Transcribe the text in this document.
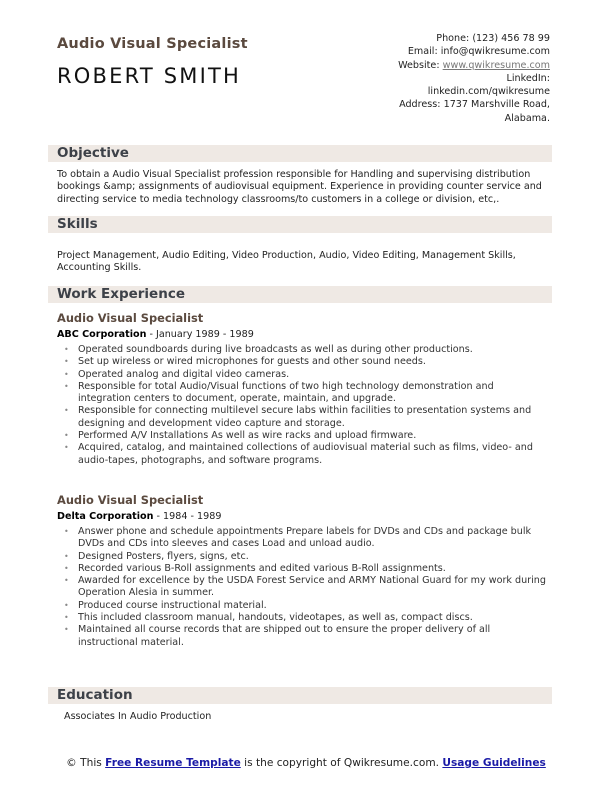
Audio Visual Specialist
ROBERT SMITH
Phone: (123) 456 78 99
Email: info@qwikresume.com
Website: www.qwikresume.com
LinkedIn:
linkedin.com/qwikresume
Address: 1737 Marshville Road,
Alabama.
Objective
To obtain a Audio Visual Specialist profession responsible for Handling and supervising distribution bookings &amp; assignments of audiovisual equipment. Experience in providing counter service and directing service to media technology classrooms/to customers in a college or division, etc,.
Skills
Project Management, Audio Editing, Video Production, Audio, Video Editing, Management Skills, Accounting Skills.
Work Experience
Audio Visual Specialist
ABC Corporation - January 1989 - 1989
• Operated soundboards during live broadcasts as well as during other productions.
• Set up wireless or wired microphones for guests and other sound needs.
• Operated analog and digital video cameras.
• Responsible for total Audio/Visual functions of two high technology demonstration and integration centers to document, operate, maintain, and upgrade.
• Responsible for connecting multilevel secure labs within facilities to presentation systems and designing and development video capture and storage.
• Performed A/V Installations As well as wire racks and upload firmware.
• Acquired, catalog, and maintained collections of audiovisual material such as films, video- and audio-tapes, photographs, and software programs.
Audio Visual Specialist
Delta Corporation - 1984 - 1989
• Answer phone and schedule appointments Prepare labels for DVDs and CDs and package bulk DVDs and CDs into sleeves and cases Load and unload audio.
• Designed Posters, flyers, signs, etc.
• Recorded various B-Roll assignments and edited various B-Roll assignments.
• Awarded for excellence by the USDA Forest Service and ARMY National Guard for my work during Operation Alesia in summer.
• Produced course instructional material.
• This included classroom manual, handouts, videotapes, as well as, compact discs.
• Maintained all course records that are shipped out to ensure the proper delivery of all instructional material.
Education
Associates In Audio Production
© This Free Resume Template is the copyright of Qwikresume.com. Usage Guidelines
